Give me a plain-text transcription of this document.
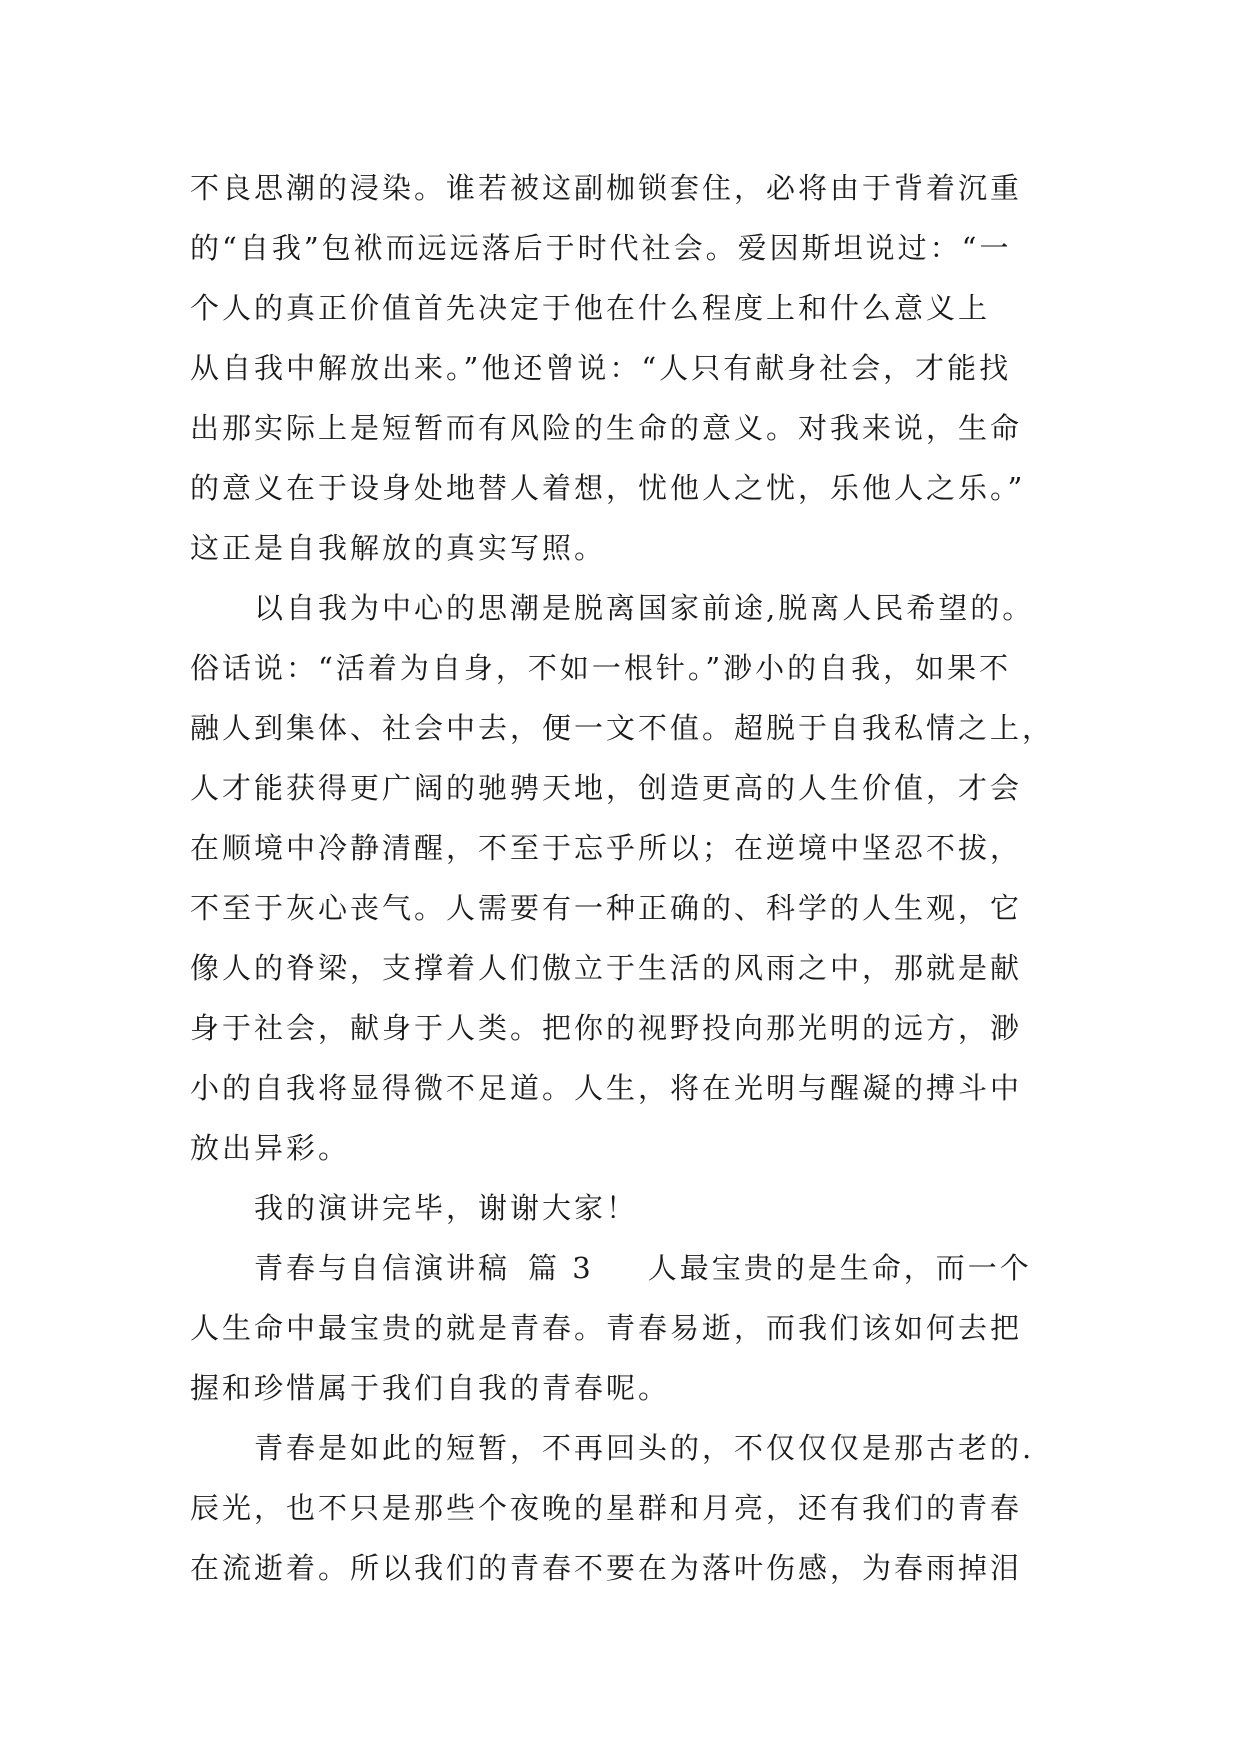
不良思潮的浸染。谁若被这副枷锁套住，必将由于背着沉重
的“自我”包袱而远远落后于时代社会。爱因斯坦说过：“一
个人的真正价值首先决定于他在什么程度上和什么意义上
从自我中解放出来。”他还曾说：“人只有献身社会，才能找
出那实际上是短暂而有风险的生命的意义。对我来说，生命
的意义在于设身处地替人着想，忧他人之忧，乐他人之乐。”
这正是自我解放的真实写照。

以自我为中心的思潮是脱离国家前途,脱离人民希望的。
俗话说：“活着为自身，不如一根针。”渺小的自我，如果不
融人到集体、社会中去，便一文不值。超脱于自我私情之上，
人才能获得更广阔的驰骋天地，创造更高的人生价值，才会
在顺境中冷静清醒，不至于忘乎所以；在逆境中坚忍不拔，
不至于灰心丧气。人需要有一种正确的、科学的人生观，它
像人的脊梁，支撑着人们傲立于生活的风雨之中，那就是献
身于社会，献身于人类。把你的视野投向那光明的远方，渺
小的自我将显得微不足道。人生，将在光明与醒凝的搏斗中
放出异彩。

我的演讲完毕，谢谢大家！

青春与自信演讲稿 篇 3 人最宝贵的是生命，而一个
人生命中最宝贵的就是青春。青春易逝，而我们该如何去把
握和珍惜属于我们自我的青春呢。

青春是如此的短暂，不再回头的，不仅仅仅是那古老的.
辰光，也不只是那些个夜晚的星群和月亮，还有我们的青春
在流逝着。所以我们的青春不要在为落叶伤感，为春雨掉泪
